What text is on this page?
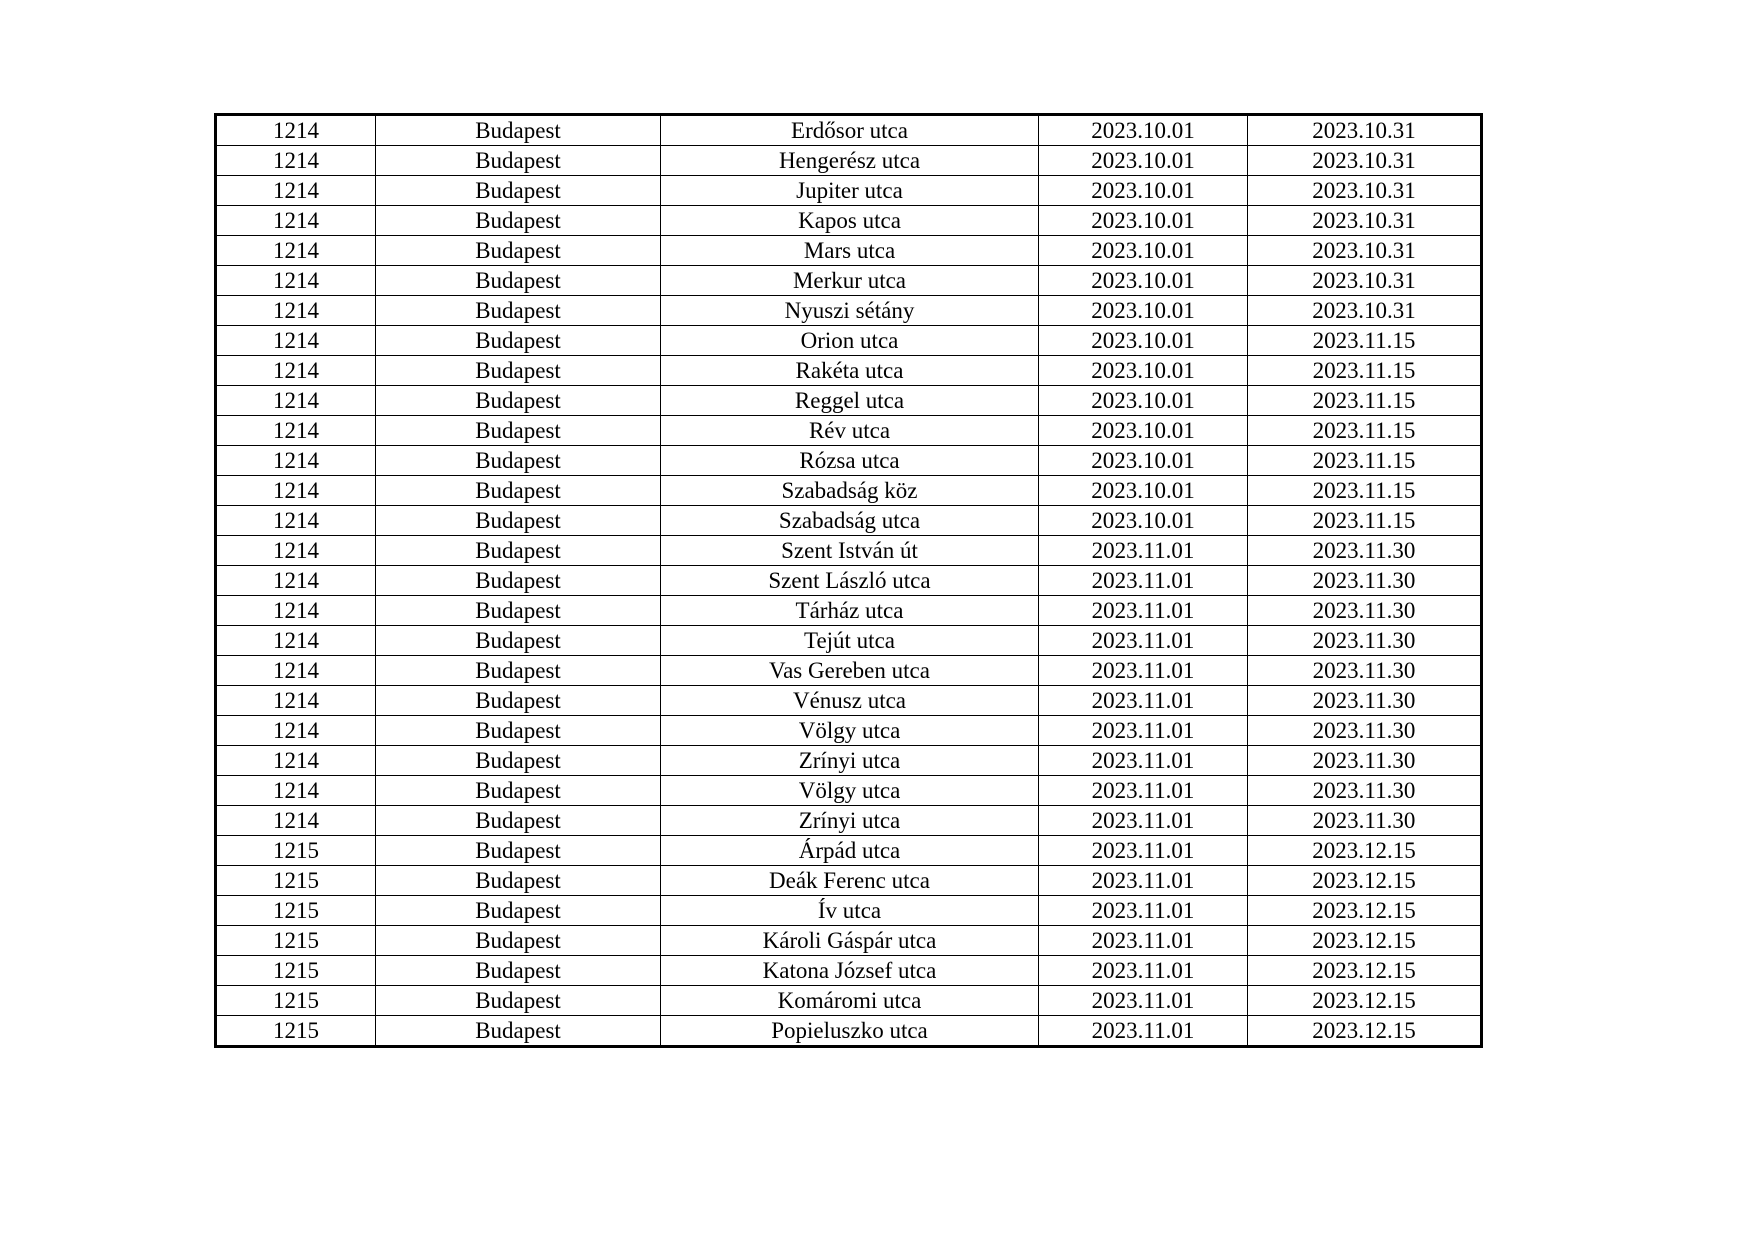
1214	Budapest	Erdősor utca	2023.10.01	2023.10.31
1214	Budapest	Hengerész utca	2023.10.01	2023.10.31
1214	Budapest	Jupiter utca	2023.10.01	2023.10.31
1214	Budapest	Kapos utca	2023.10.01	2023.10.31
1214	Budapest	Mars utca	2023.10.01	2023.10.31
1214	Budapest	Merkur utca	2023.10.01	2023.10.31
1214	Budapest	Nyuszi sétány	2023.10.01	2023.10.31
1214	Budapest	Orion utca	2023.10.01	2023.11.15
1214	Budapest	Rakéta utca	2023.10.01	2023.11.15
1214	Budapest	Reggel utca	2023.10.01	2023.11.15
1214	Budapest	Rév utca	2023.10.01	2023.11.15
1214	Budapest	Rózsa utca	2023.10.01	2023.11.15
1214	Budapest	Szabadság köz	2023.10.01	2023.11.15
1214	Budapest	Szabadság utca	2023.10.01	2023.11.15
1214	Budapest	Szent István út	2023.11.01	2023.11.30
1214	Budapest	Szent László utca	2023.11.01	2023.11.30
1214	Budapest	Tárház utca	2023.11.01	2023.11.30
1214	Budapest	Tejút utca	2023.11.01	2023.11.30
1214	Budapest	Vas Gereben utca	2023.11.01	2023.11.30
1214	Budapest	Vénusz utca	2023.11.01	2023.11.30
1214	Budapest	Völgy utca	2023.11.01	2023.11.30
1214	Budapest	Zrínyi utca	2023.11.01	2023.11.30
1214	Budapest	Völgy utca	2023.11.01	2023.11.30
1214	Budapest	Zrínyi utca	2023.11.01	2023.11.30
1215	Budapest	Árpád utca	2023.11.01	2023.12.15
1215	Budapest	Deák Ferenc utca	2023.11.01	2023.12.15
1215	Budapest	Ív utca	2023.11.01	2023.12.15
1215	Budapest	Károli Gáspár utca	2023.11.01	2023.12.15
1215	Budapest	Katona József utca	2023.11.01	2023.12.15
1215	Budapest	Komáromi utca	2023.11.01	2023.12.15
1215	Budapest	Popieluszko utca	2023.11.01	2023.12.15
